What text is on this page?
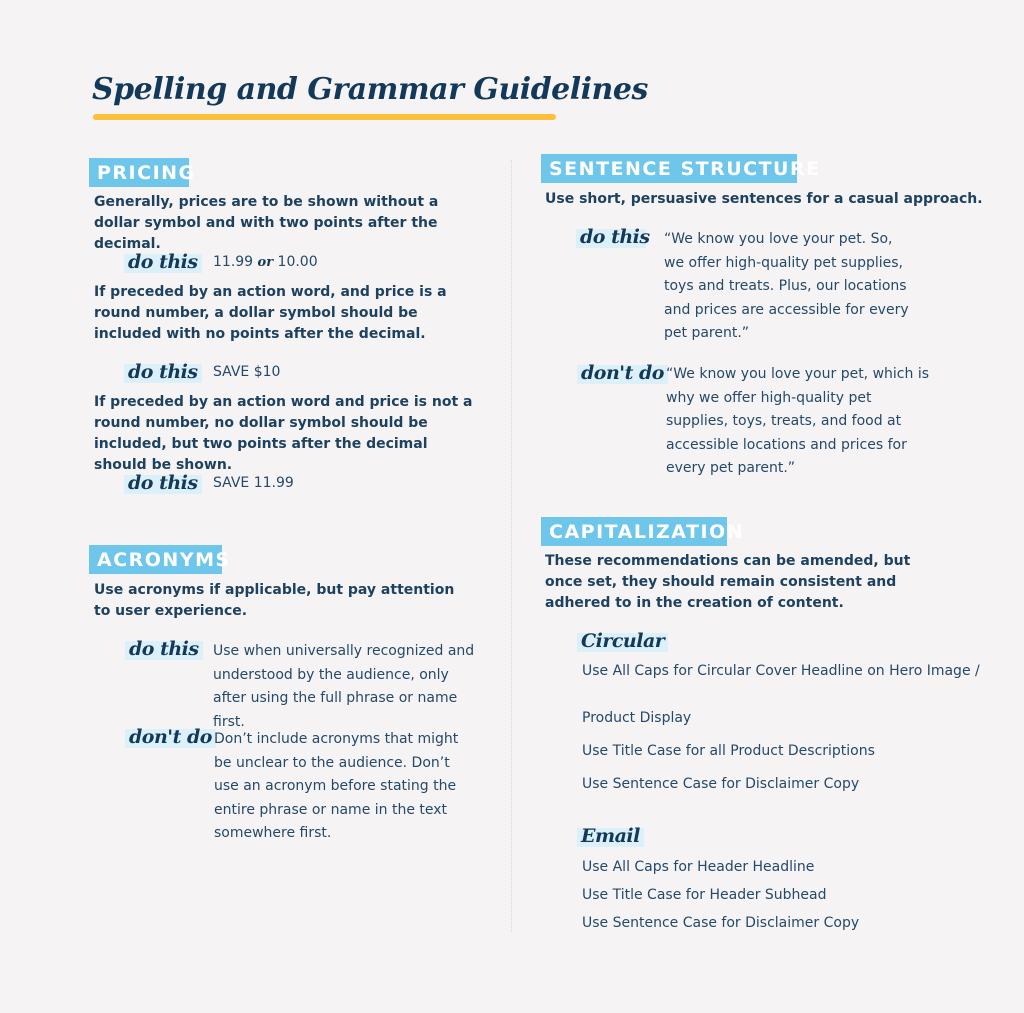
Spelling and Grammar Guidelines
PRICING
Generally, prices are to be shown without a dollar symbol and with two points after the decimal.
do this 11.99 or 10.00
If preceded by an action word, and price is a round number, a dollar symbol should be included with no points after the decimal.
do this SAVE $10
If preceded by an action word and price is not a round number, no dollar symbol should be included, but two points after the decimal should be shown.
do this SAVE 11.99
ACRONYMS
Use acronyms if applicable, but pay attention to user experience.
do this Use when universally recognized and understood by the audience, only after using the full phrase or name first.
don't do Don’t include acronyms that might be unclear to the audience. Don’t use an acronym before stating the entire phrase or name in the text somewhere first.
SENTENCE STRUCTURE
Use short, persuasive sentences for a casual approach.
do this “We know you love your pet. So, we offer high-quality pet supplies, toys and treats. Plus, our locations and prices are accessible for every pet parent.”
don't do “We know you love your pet, which is why we offer high-quality pet supplies, toys, treats, and food at accessible locations and prices for every pet parent.”
CAPITALIZATION
These recommendations can be amended, but once set, they should remain consistent and adhered to in the creation of content.
Circular
Use All Caps for Circular Cover Headline on Hero Image /
Product Display
Use Title Case for all Product Descriptions
Use Sentence Case for Disclaimer Copy
Email
Use All Caps for Header Headline
Use Title Case for Header Subhead
Use Sentence Case for Disclaimer Copy
